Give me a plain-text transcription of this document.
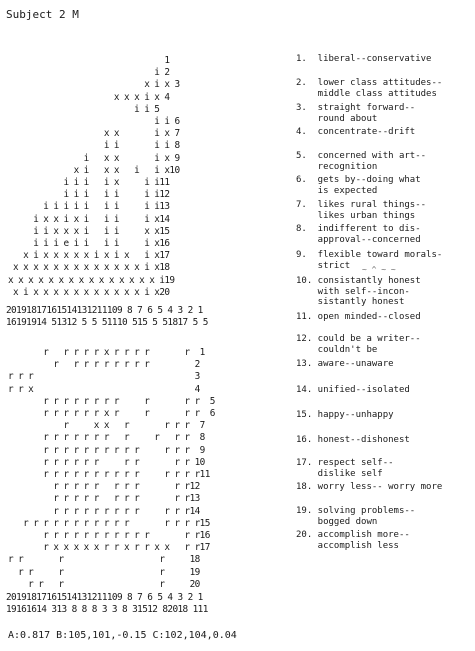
Subject 2 M
1
i 2
x i x 3
x x x i x 4
i i 5
i i 6
x x       i x 7
i i       i i 8
i   x x       i x 9
x i   x x   i   i x10
i i i   i x     i i11
i i i   i i     i i12
i i i i i   i i     i i13
i x x i x i   i i     i x14
i i x x x i   i i     x x15
i i i e i i   i i     i x16
x i x x x x x i x i x   i x17
x x x x x x x x x x x x x i x18
x x x x x x x x x x x x x x x i19
x i x x x x x x x x x x x i x20
20191817161514131211109 8 7 6 5 4 3 2 1
16191914 51312 5 5 51110 515 5 51817 5 5
r   r r r r x r r r r       r  1
r   r r r r r r r r         2
r r r                                3
r r x                                4
r r r r r r r r     r       r r  5
r r r r r r x r     r       r r  6
r     x x   r       r r r  7
r r r r r r r   r     r   r r  8
r r r r r r r r r r     r r r  9
r r r r r r     r r       r r 10
r r r r r r r r r r     r r r r11
r r r r r   r r r       r r12
r r r r r   r r r       r r13
r r r r r r r r r     r r r14
r r r r r r r r r r r       r r r r15
r r r r r r r r r r r       r r16
r x x x x x r r x r r x x   r r17
r r       r                   r     18
r r     r                   r     19
r r   r                   r     20
20191817161514131211109 8 7 6 5 4 3 2 1
19161614 313 8 8 8 3 3 8 31512 82018 111
1.  liberal--conservative
2.  lower class attitudes--
middle class attitudes
3.  straight forward--
round about
4.  concentrate--drift
5.  concerned with art--
recognition
6.  gets by--doing what
is expected
7.  likes rural things--
likes urban things
8.  indifferent to dis-
approval--concerned
9.  flexible toward morals-
strict
10. consistantly honest
with self--incon-
sistantly honest
11. open minded--closed
12. could be a writer--
couldn't be
13. aware--unaware
14. unified--isolated
15. happy--unhappy
16. honest--dishonest
17. respect self--
dislike self
18. worry less-- worry more
19. solving problems--
bogged down
20. accomplish more--
accomplish less
~ ^ ~ ~
A:0.817 B:105,101,-0.15 C:102,104,0.04
